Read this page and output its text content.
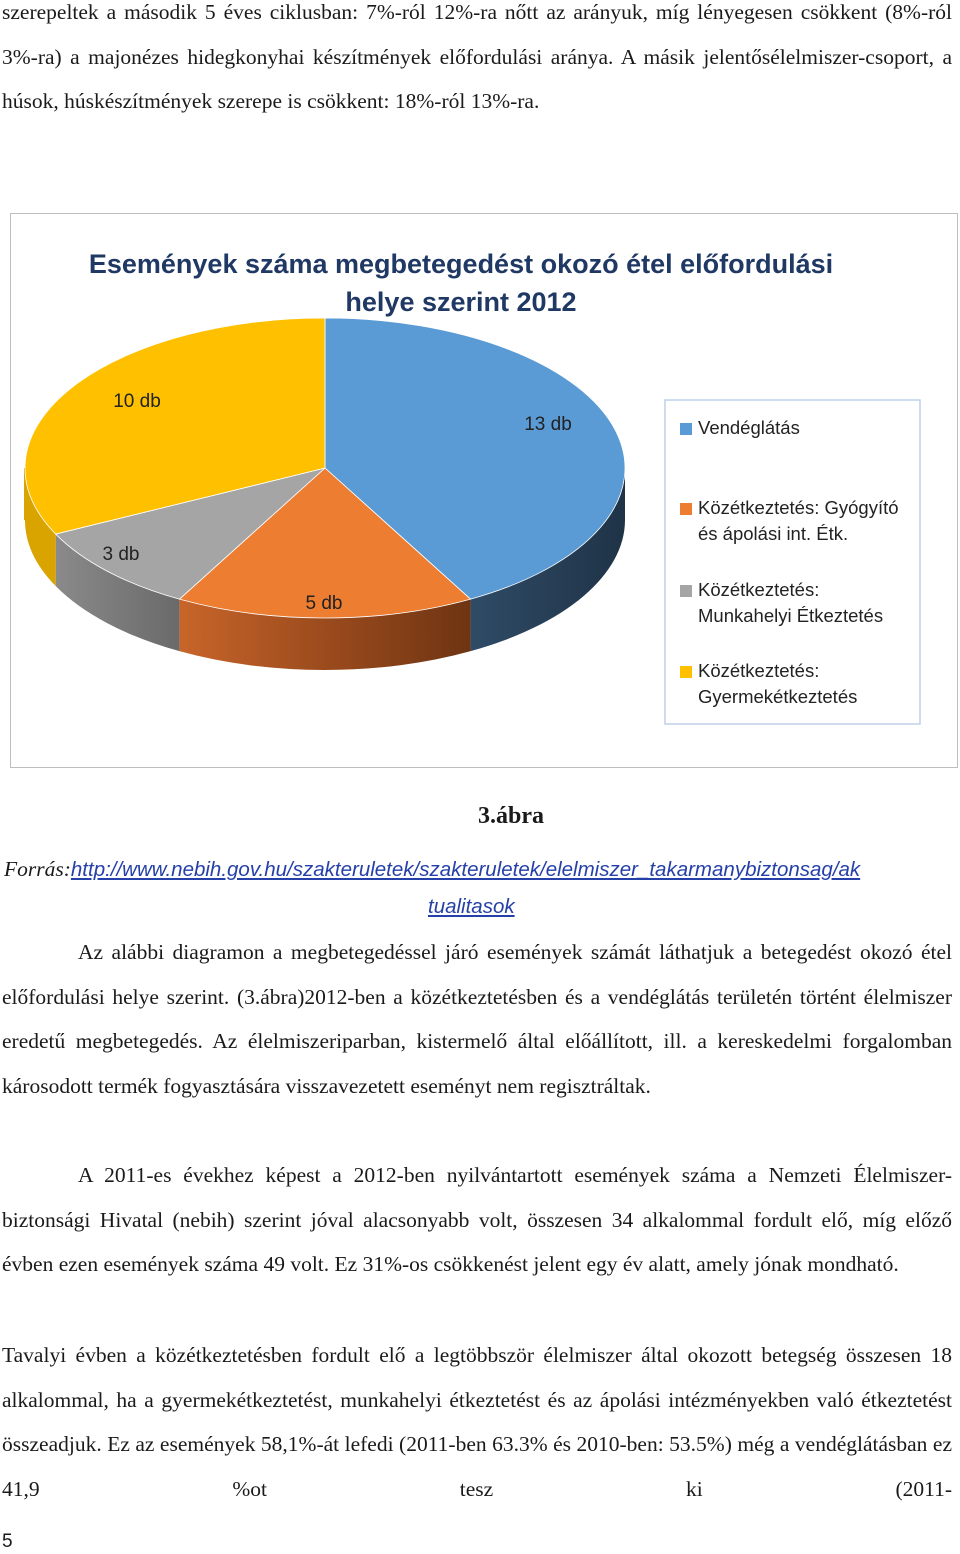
szerepeltek a második 5 éves ciklusban: 7%-ról 12%-ra nőtt az arányuk, míg lényegesen csökkent (8%-ról 3%-ra) a majonézes hidegkonyhai készítmények előfordulási aránya. A másik jelentősélelmiszer-csoport, a húsok, húskészítmények szerepe is csökkent: 18%-ról 13%-ra.

Események száma megbetegedést okozó étel előfordulási
helye szerint 2012
13 db
5 db
3 db
10 db
Vendéglátás
Közétkeztetés: Gyógyító
és ápolási int. Étk.
Közétkeztetés:
Munkahelyi Étkeztetés
Közétkeztetés:
Gyermekétkeztetés
3.ábra
Forrás:http://www.nebih.gov.hu/szakteruletek/szakteruletek/elelmiszer_takarmanybiztonsag/ak
tualitasok

Az alábbi diagramon a megbetegedéssel járó események számát láthatjuk a betegedést okozó étel előfordulási helye szerint. (3.ábra)2012-ben a közétkeztetésben és a vendéglátás területén történt élelmiszer eredetű megbetegedés. Az élelmiszeriparban, kistermelő által előállított, ill. a kereskedelmi forgalomban károsodott termék fogyasztására visszavezetett eseményt nem regisztráltak.

A 2011-es évekhez képest a 2012-ben nyilvántartott események száma a Nemzeti Élelmiszer-biztonsági Hivatal (nebih) szerint jóval alacsonyabb volt, összesen 34 alkalommal fordult elő, míg előző évben ezen események száma 49 volt. Ez 31%-os csökkenést jelent egy év alatt, amely jónak mondható.

Tavalyi évben a közétkeztetésben fordult elő a legtöbbször élelmiszer által okozott betegség összesen 18 alkalommal, ha a gyermekétkeztetést, munkahelyi étkeztetést és az ápolási intézményekben való étkeztetést összeadjuk. Ez az események 58,1%-át lefedi (2011-ben 63.3% és 2010-ben: 53.5%) még a vendéglátásban ez 41,9 %ot tesz ki (2011-

5
